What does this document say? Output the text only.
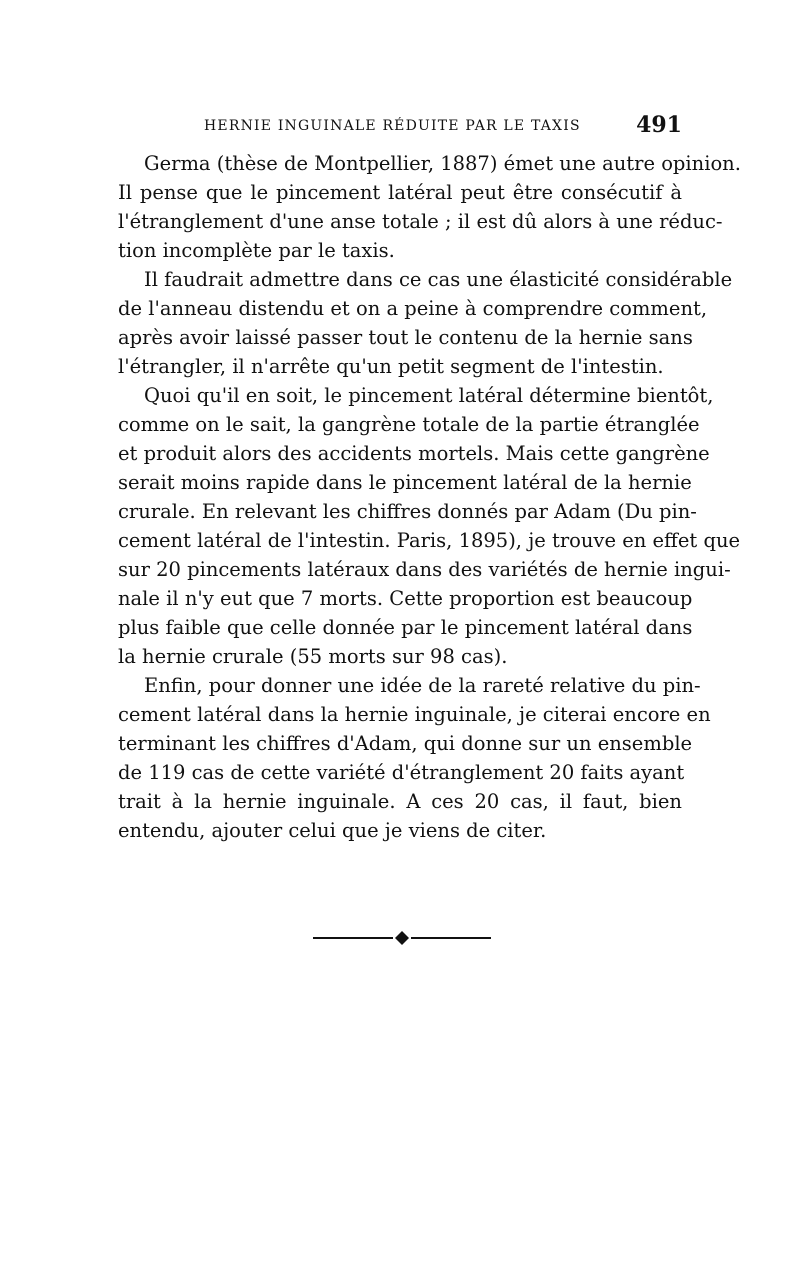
HERNIE INGUINALE RÉDUITE PAR LE TAXIS	491

Germa (thèse de Montpellier, 1887) émet une autre opinion.
Il pense que le pincement latéral peut être consécutif à
l'étranglement d'une anse totale ; il est dû alors à une réduc-
tion incomplète par le taxis.

Il faudrait admettre dans ce cas une élasticité considérable
de l'anneau distendu et on a peine à comprendre comment,
après avoir laissé passer tout le contenu de la hernie sans
l'étrangler, il n'arrête qu'un petit segment de l'intestin.

Quoi qu'il en soit, le pincement latéral détermine bientôt,
comme on le sait, la gangrène totale de la partie étranglée
et produit alors des accidents mortels. Mais cette gangrène
serait moins rapide dans le pincement latéral de la hernie
crurale. En relevant les chiffres donnés par Adam (Du pin-
cement latéral de l'intestin. Paris, 1895), je trouve en effet que
sur 20 pincements latéraux dans des variétés de hernie ingui-
nale il n'y eut que 7 morts. Cette proportion est beaucoup
plus faible que celle donnée par le pincement latéral dans
la hernie crurale (55 morts sur 98 cas).

Enfin, pour donner une idée de la rareté relative du pin-
cement latéral dans la hernie inguinale, je citerai encore en
terminant les chiffres d'Adam, qui donne sur un ensemble
de 119 cas de cette variété d'étranglement 20 faits ayant
trait à la hernie inguinale. A ces 20 cas, il faut, bien
entendu, ajouter celui que je viens de citer.
